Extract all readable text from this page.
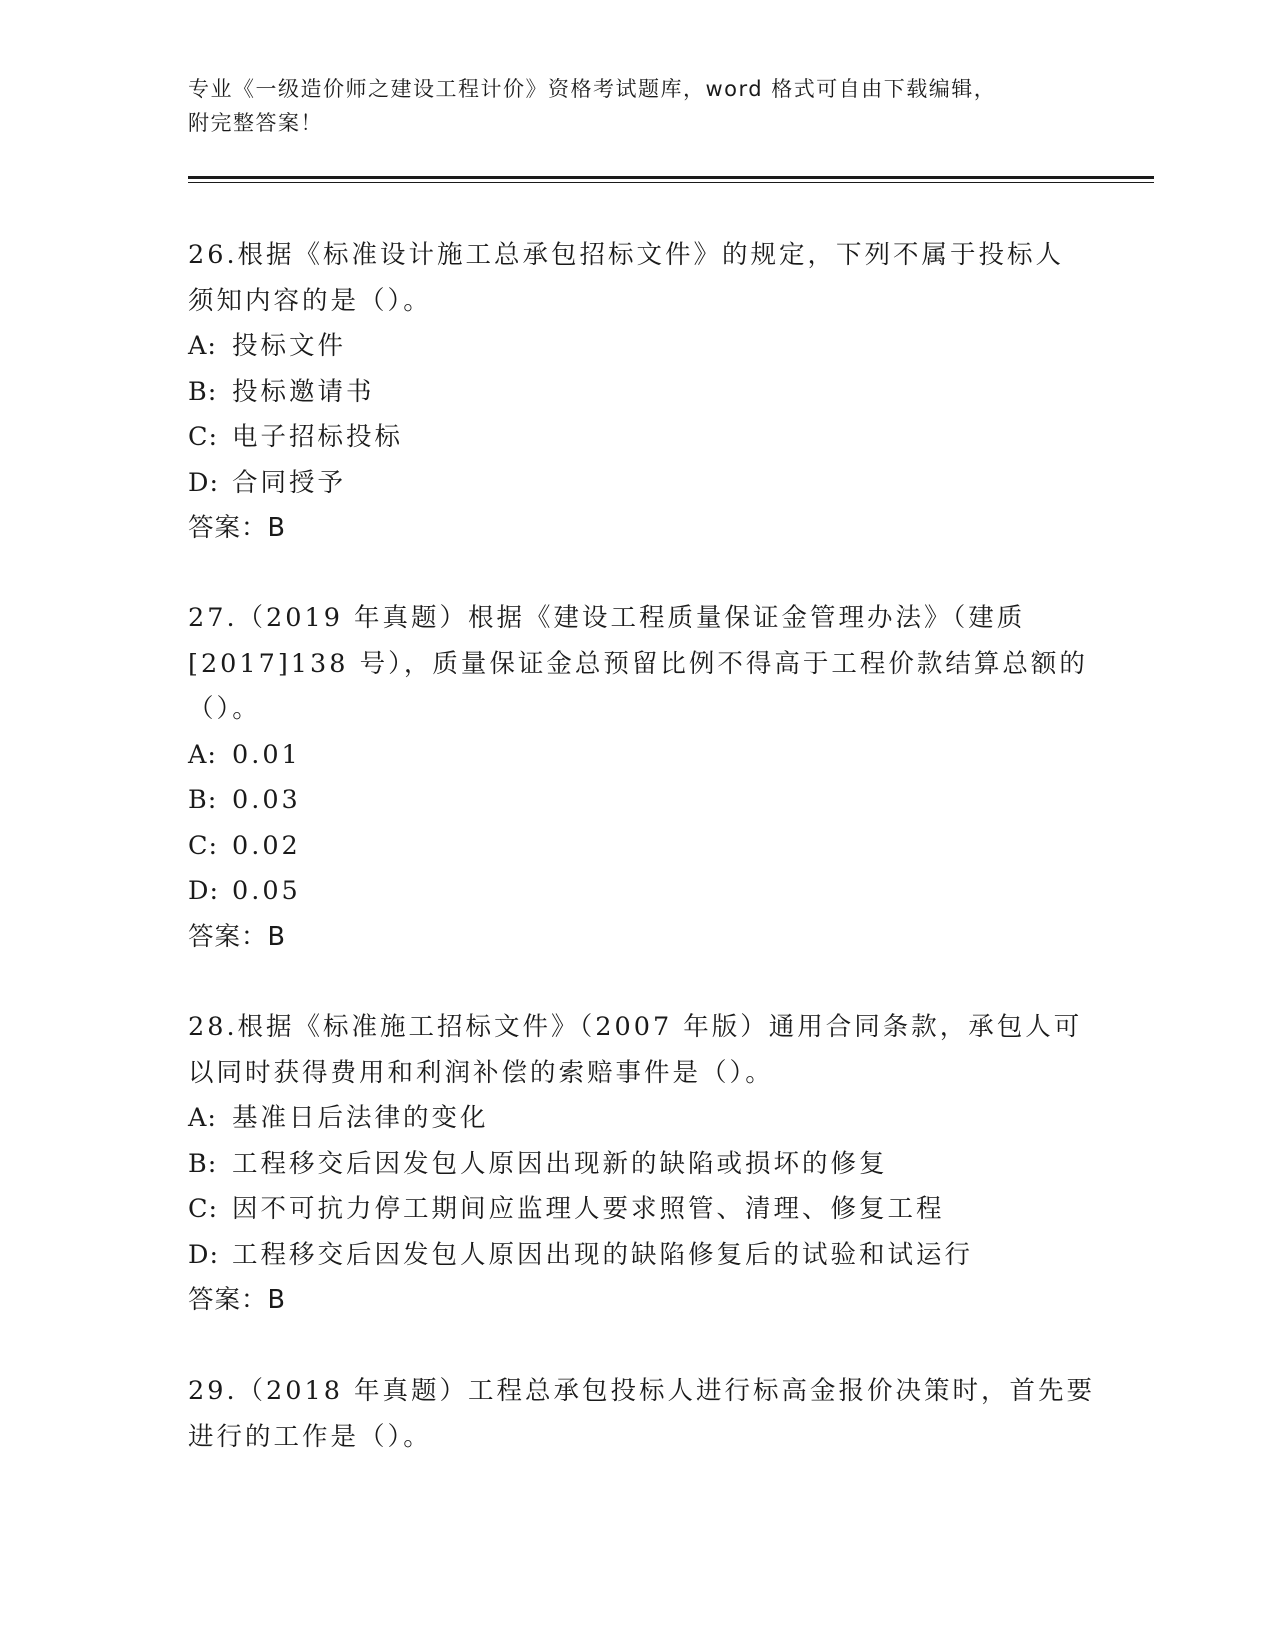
专业《一级造价师之建设工程计价》资格考试题库，word 格式可自由下载编辑，
附完整答案！
26.根据《标准设计施工总承包招标文件》的规定，下列不属于投标人
须知内容的是（）。
A: 投标文件
B: 投标邀请书
C: 电子招标投标
D: 合同授予
答案：B
27.（2019 年真题）根据《建设工程质量保证金管理办法》（建质
[2017]138 号），质量保证金总预留比例不得高于工程价款结算总额的
（）。
A: 0.01
B: 0.03
C: 0.02
D: 0.05
答案：B
28.根据《标准施工招标文件》（2007 年版）通用合同条款，承包人可
以同时获得费用和利润补偿的索赔事件是（）。
A: 基准日后法律的变化
B: 工程移交后因发包人原因出现新的缺陷或损坏的修复
C: 因不可抗力停工期间应监理人要求照管、清理、修复工程
D: 工程移交后因发包人原因出现的缺陷修复后的试验和试运行
答案：B
29.（2018 年真题）工程总承包投标人进行标高金报价决策时，首先要
进行的工作是（）。
